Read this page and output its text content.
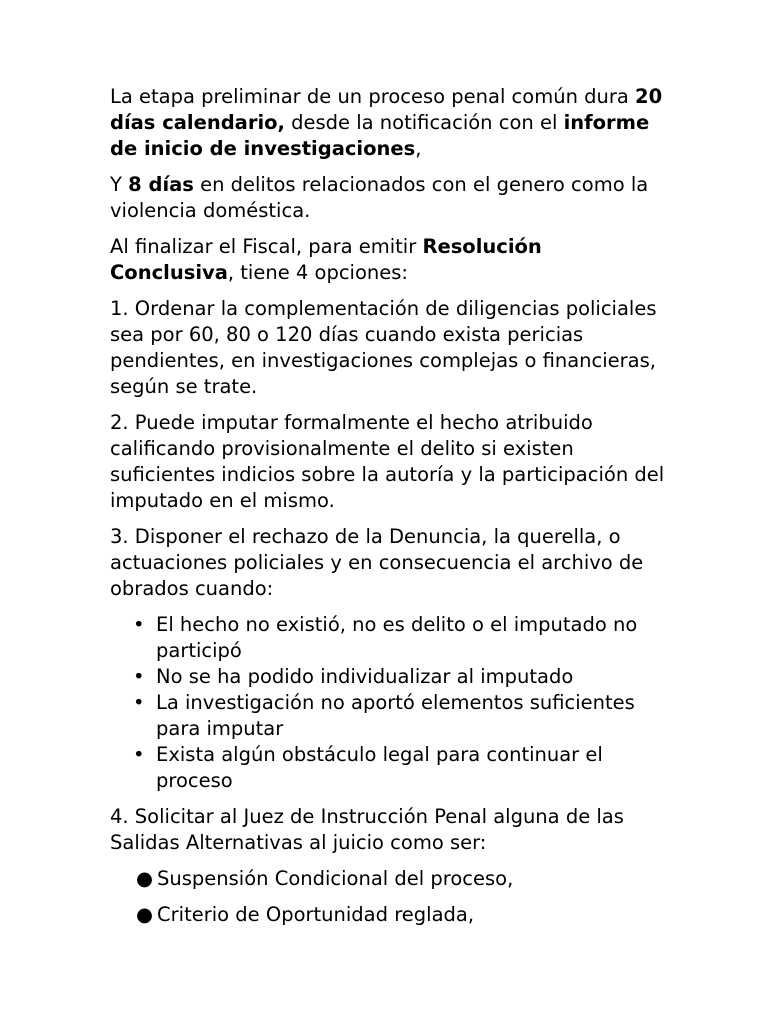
La etapa preliminar de un proceso penal común dura 20 días calendario, desde la notificación con el informe de inicio de investigaciones,

Y 8 días en delitos relacionados con el genero como la violencia doméstica.

Al finalizar el Fiscal, para emitir Resolución Conclusiva, tiene 4 opciones:

1. Ordenar la complementación de diligencias policiales sea por 60, 80 o 120 días cuando exista pericias pendientes, en investigaciones complejas o financieras, según se trate.

2. Puede imputar formalmente el hecho atribuido calificando provisionalmente el delito si existen suficientes indicios sobre la autoría y la participación del imputado en el mismo.

3. Disponer el rechazo de la Denuncia, la querella, o actuaciones policiales y en consecuencia el archivo de obrados cuando:

• El hecho no existió, no es delito o el imputado no participó
• No se ha podido individualizar al imputado
• La investigación no aportó elementos suficientes para imputar
• Exista algún obstáculo legal para continuar el proceso

4. Solicitar al Juez de Instrucción Penal alguna de las Salidas Alternativas al juicio como ser:

● Suspensión Condicional del proceso,

● Criterio de Oportunidad reglada,
